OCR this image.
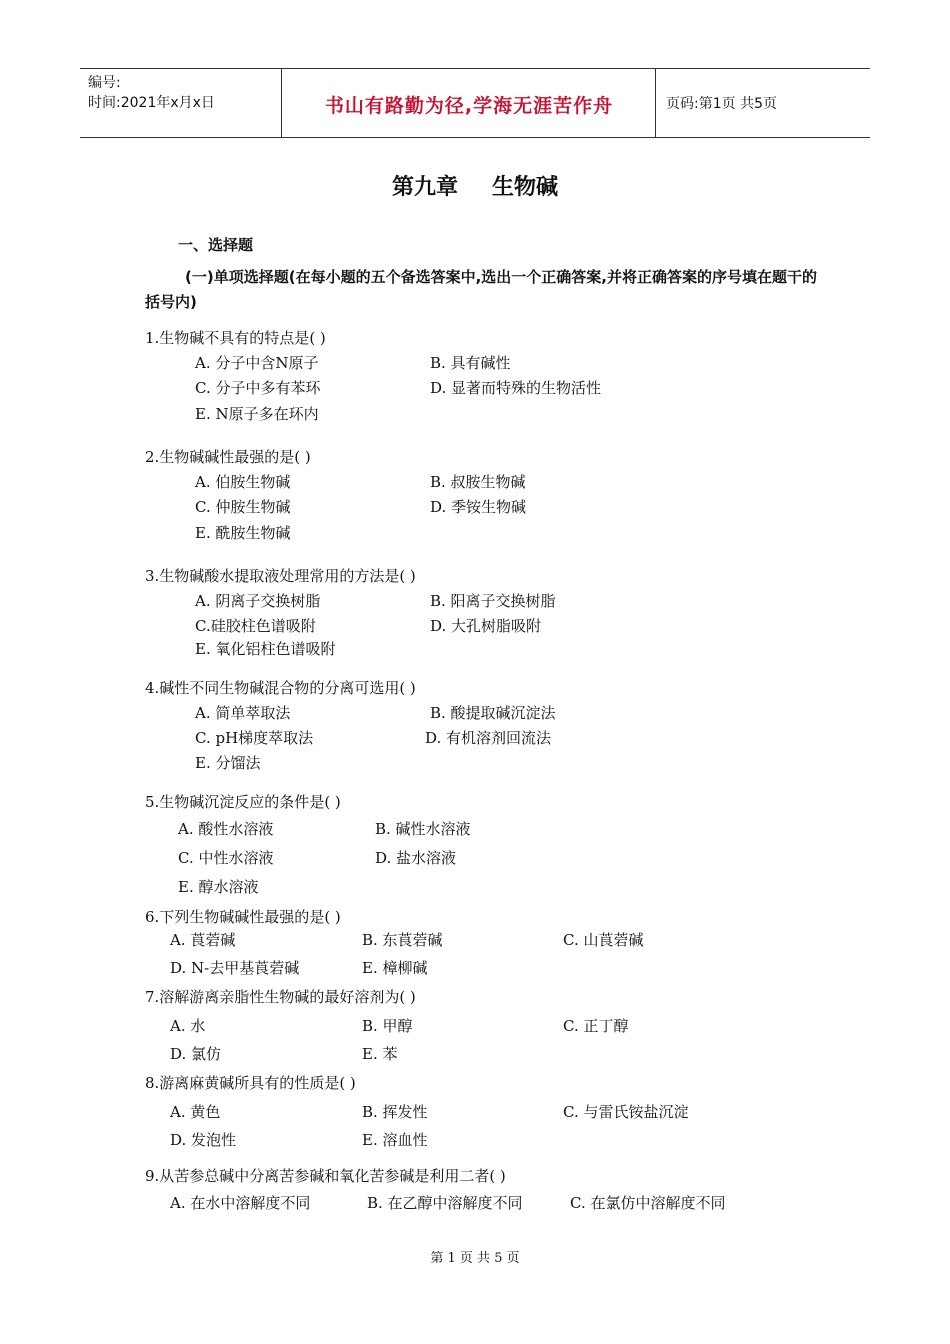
编号:
时间:2021年x月x日	书山有路勤为径,学海无涯苦作舟	页码:第1页 共5页
第九章 生物碱
一、选择题
(一)单项选择题(在每小题的五个备选答案中,选出一个正确答案,并将正确答案的序号填在题干的括号内)
1.生物碱不具有的特点是( )
A. 分子中含N原子	B. 具有碱性
C. 分子中多有苯环	D. 显著而特殊的生物活性
E. N原子多在环内
2.生物碱碱性最强的是( )
A. 伯胺生物碱	B. 叔胺生物碱
C. 仲胺生物碱	D. 季铵生物碱
E. 酰胺生物碱
3.生物碱酸水提取液处理常用的方法是( )
A. 阴离子交换树脂	B. 阳离子交换树脂
C.硅胶柱色谱吸附	D. 大孔树脂吸附
E. 氧化铝柱色谱吸附
4.碱性不同生物碱混合物的分离可选用( )
A. 简单萃取法	B. 酸提取碱沉淀法
C. pH梯度萃取法	D. 有机溶剂回流法
E. 分馏法
5.生物碱沉淀反应的条件是( )
A. 酸性水溶液	B. 碱性水溶液
C. 中性水溶液	D. 盐水溶液
E. 醇水溶液
6.下列生物碱碱性最强的是( )
A. 莨菪碱	B. 东莨菪碱	C. 山莨菪碱
D. N-去甲基莨菪碱	E. 樟柳碱
7.溶解游离亲脂性生物碱的最好溶剂为( )
A. 水	B. 甲醇	C. 正丁醇
D. 氯仿	E. 苯
8.游离麻黄碱所具有的性质是( )
A. 黄色	B. 挥发性	C. 与雷氏铵盐沉淀
D. 发泡性	E. 溶血性
9.从苦参总碱中分离苦参碱和氧化苦参碱是利用二者( )
A. 在水中溶解度不同	B. 在乙醇中溶解度不同	C. 在氯仿中溶解度不同
第 1 页 共 5 页
